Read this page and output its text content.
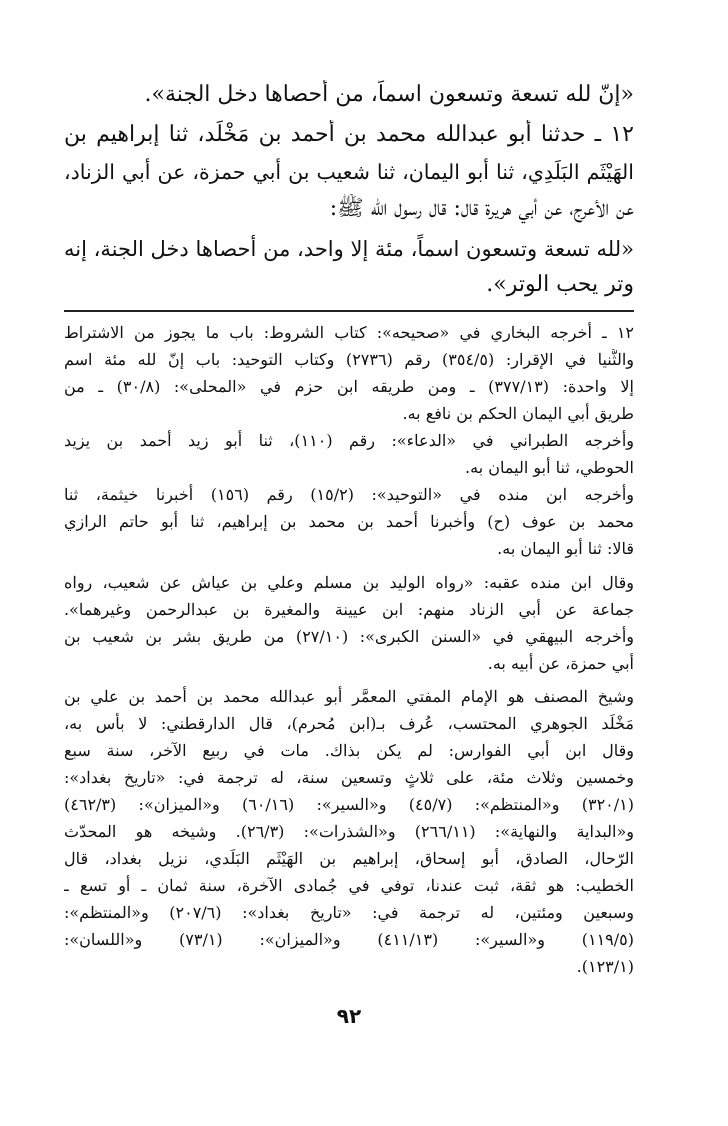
«إنّ لله تسعة وتسعون اسماً، من أحصاها دخل الجنة».
١٢ ـ حدثنا أبو عبدالله محمد بن أحمد بن مَخْلَد، ثنا إبراهيم بن
الهَيْثَم البَلَدِي، ثنا أبو اليمان، ثنا شعيب بن أبي حمزة، عن أبي الزناد،
عن الأعرج، عن أبي هريرة قال: قال رسول الله ﷺ:
«لله تسعة وتسعون اسماً، مئة إلا واحد، من أحصاها دخل الجنة، إنه
وتر يحب الوتر».
١٢ ـ أخرجه البخاري في «صحيحه»: كتاب الشروط: باب ما يجوز من الاشتراط
والثُّنيا في الإقرار: (٣٥٤/٥) رقم (٢٧٣٦) وكتاب التوحيد: باب إنّ لله مئة اسم
إلا واحدة: (٣٧٧/١٣) ـ ومن طريقه ابن حزم في «المحلى»: (٣٠/٨) ـ من
طريق أبي اليمان الحكم بن نافع به.
وأخرجه الطبراني في «الدعاء»: رقم (١١٠)، ثنا أبو زيد أحمد بن يزيد
الحوطي، ثنا أبو اليمان به.
وأخرجه ابن منده في «التوحيد»: (١٥/٢) رقم (١٥٦) أخبرنا خيثمة، ثنا
محمد بن عوف (ح) وأخبرنا أحمد بن محمد بن إبراهيم، ثنا أبو حاتم الرازي
قالا: ثنا أبو اليمان به.
وقال ابن منده عقبه: «رواه الوليد بن مسلم وعلي بن عياش عن شعيب، رواه
جماعة عن أبي الزناد منهم: ابن عيينة والمغيرة بن عبدالرحمن وغيرهما».
وأخرجه البيهقي في «السنن الكبرى»: (٢٧/١٠) من طريق بشر بن شعيب بن
أبي حمزة، عن أبيه به.
وشيخ المصنف هو الإمام المفتي المعمَّر أبو عبدالله محمد بن أحمد بن علي بن
مَخْلَد الجوهري المحتسب، عُرف بـ(ابن مُحرم)، قال الدارقطني: لا بأس به،
وقال ابن أبي الفوارس: لم يكن بذاك. مات في ربيع الآخر، سنة سبع
وخمسين وثلاث مئة، على ثلاثٍ وتسعين سنة، له ترجمة في: «تاريخ بغداد»:
(٣٢٠/١) و«المنتظم»: (٤٥/٧) و«السير»: (٦٠/١٦) و«الميزان»: (٤٦٢/٣)
و«البداية والنهاية»: (٢٦٦/١١) و«الشذرات»: (٢٦/٣). وشيخه هو المحدّث
الرّحال، الصادق، أبو إسحاق، إبراهيم بن الهَيْثَم البَلَدي، نزيل بغداد، قال
الخطيب: هو ثقة، ثبت عندنا، توفي في جُمادى الآخرة، سنة ثمان ـ أو تسع ـ
وسبعين ومئتين، له ترجمة في: «تاريخ بغداد»: (٢٠٧/٦) و«المنتظم»:
(١١٩/٥) و«السير»: (٤١١/١٣) و«الميزان»: (٧٣/١) و«اللسان»:
(١٢٣/١).
٩٢
